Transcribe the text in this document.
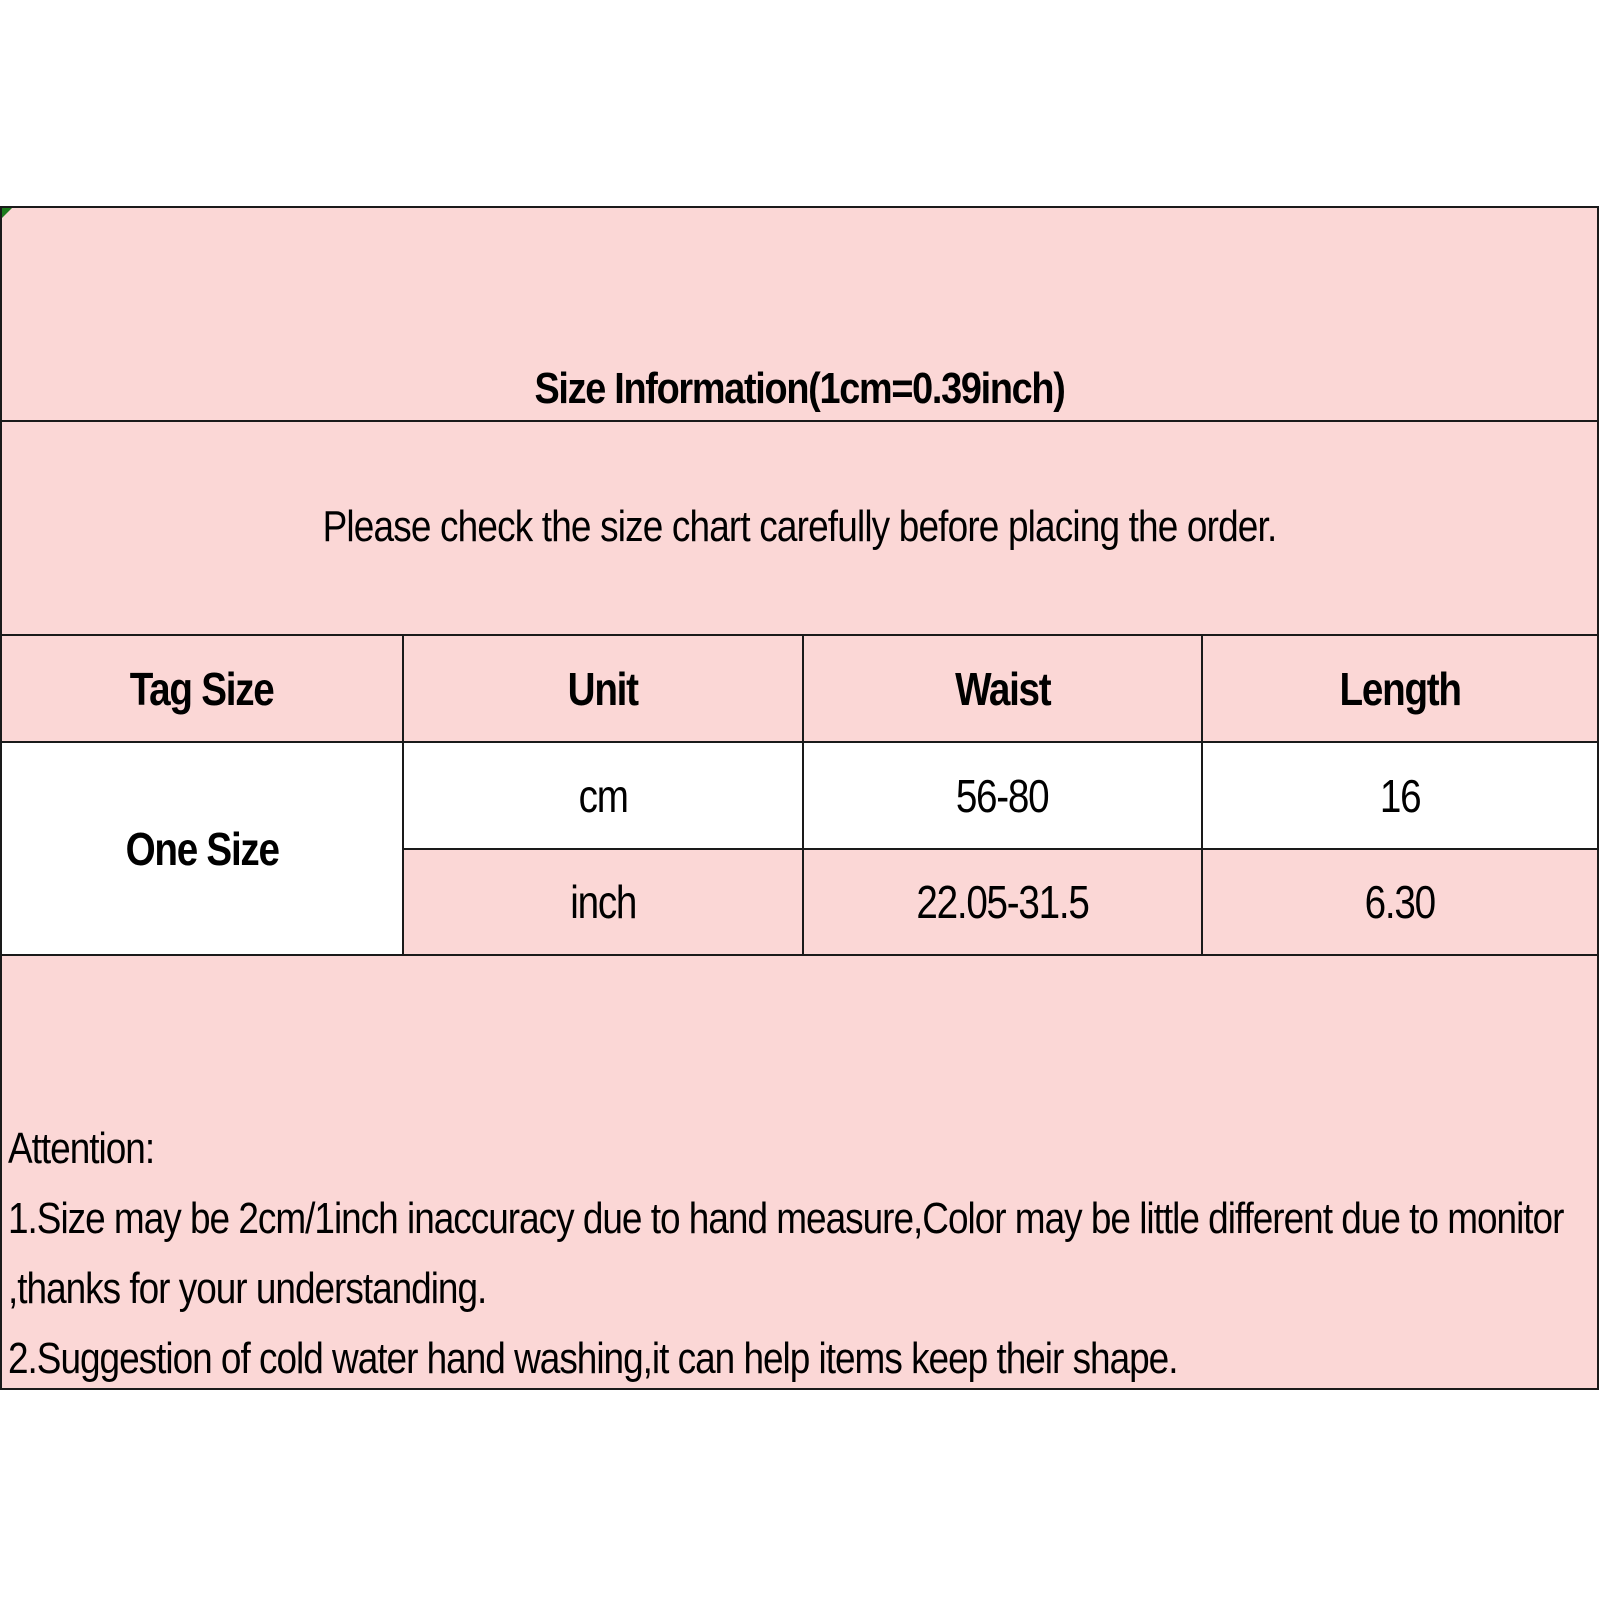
Size Information(1cm=0.39inch)
Please check the size chart carefully before placing the order.
Tag Size	Unit	Waist	Length
One Size
cm	56-80	16
inch	22.05-31.5	6.30
Attention:
1.Size may be 2cm/1inch inaccuracy due to hand measure,Color may be little different due to monitor
,thanks for your understanding.
2.Suggestion of cold water hand washing,it can help items keep their shape.
